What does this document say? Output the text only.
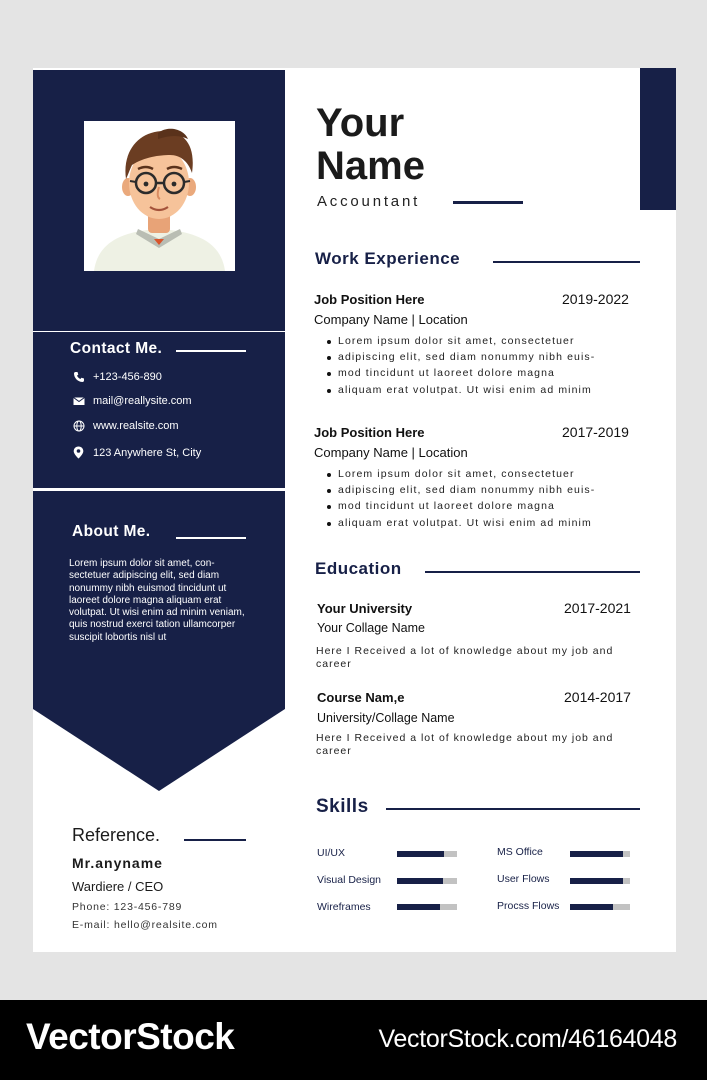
Contact Me.
+123-456-890
mail@reallysite.com
www.realsite.com
123 Anywhere St, City
About Me.
Lorem ipsum dolor sit amet, con- sectetuer adipiscing elit, sed diam nonummy nibh euismod tincidunt ut laoreet dolore magna aliquam erat volutpat. Ut wisi enim ad minim veniam, quis nostrud exerci tation ullamcorper suscipit lobortis nisl ut
Reference.
Mr.anyname
Wardiere / CEO
Phone: 123-456-789
E-mail: hello@realsite.com
Your
Name
Accountant
Work Experience
Job Position Here	2019-2022
Company Name | Location
Lorem ipsum dolor sit amet, consectetuer
adipiscing elit, sed diam nonummy nibh euis-
mod tincidunt ut laoreet dolore magna
aliquam erat volutpat. Ut wisi enim ad minim
Job Position Here	2017-2019
Company Name | Location
Lorem ipsum dolor sit amet, consectetuer
adipiscing elit, sed diam nonummy nibh euis-
mod tincidunt ut laoreet dolore magna
aliquam erat volutpat. Ut wisi enim ad minim
Education
Your University	2017-2021
Your Collage Name
Here I Received a lot of knowledge about my job and career
Course Nam,e	2014-2017
University/Collage Name
Here I Received a lot of knowledge about my job and career
Skills
UI/UX
Visual Design
Wireframes
MS Office
User Flows
Procss Flows
VectorStock	VectorStock.com/46164048
